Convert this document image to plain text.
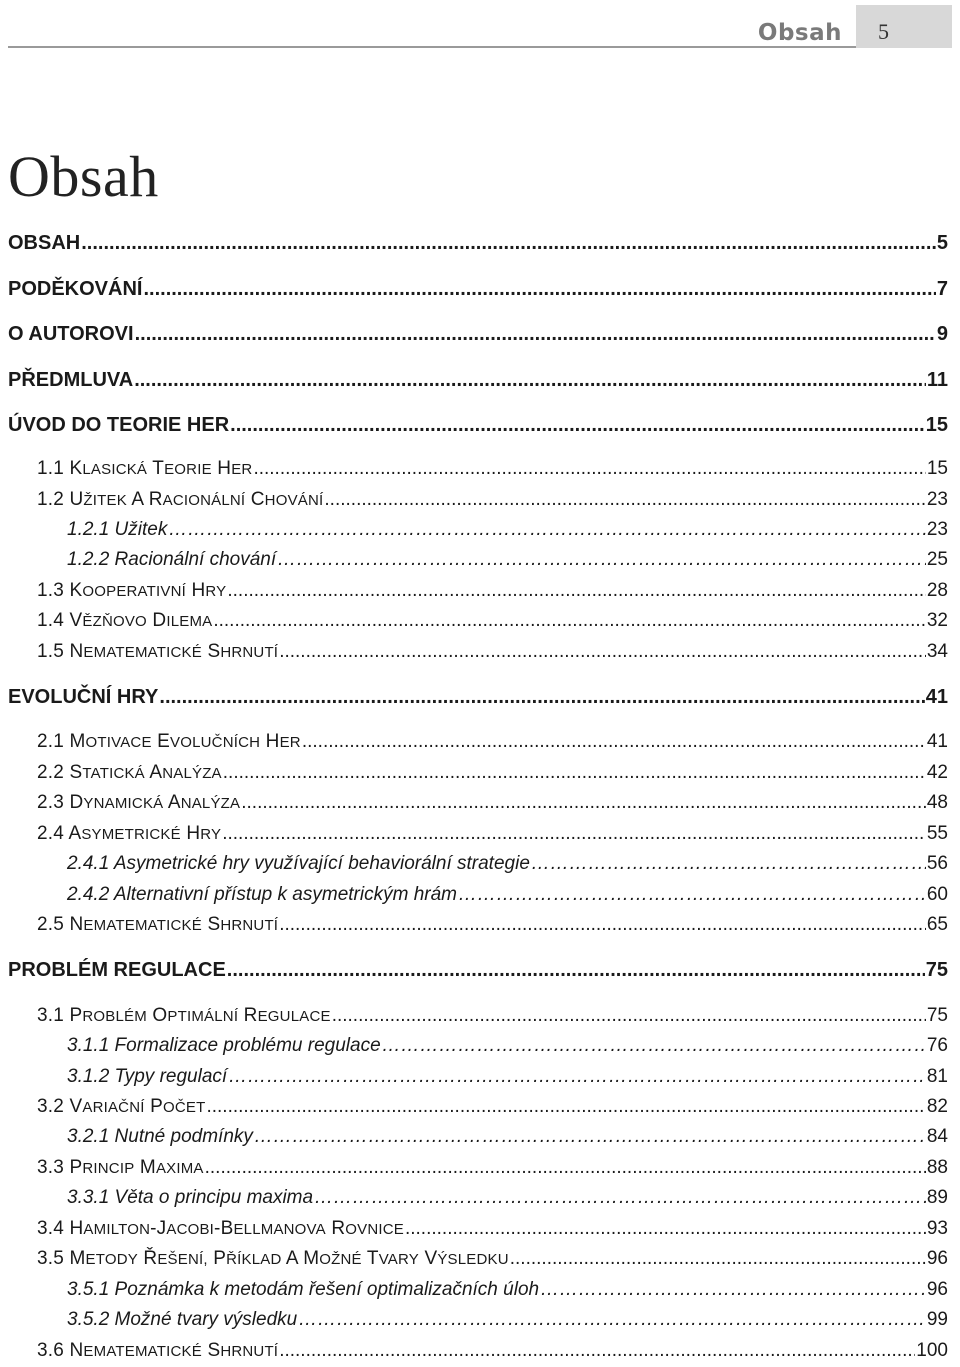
Obsah 5
Obsah
OBSAH .....	5
PODĚKOVÁNÍ .....	7
O AUTOROVI .....	9
PŘEDMLUVA .....	11
ÚVOD DO TEORIE HER .....	15
1.1 KLASICKÁ TEORIE HER .....	15
1.2 UŽITEK A RACIONÁLNÍ CHOVÁNÍ .....	23
1.2.1 Užitek …………………………………………………………………………………………………………………………………………………………………………………………………………………	23
1.2.2 Racionální chování …………………………………………………………………………………………………………………………………………………………………………………………………………………	25
1.3 KOOPERATIVNÍ HRY .....	28
1.4 VĚZŇOVO DILEMA .....	32
1.5 NEMATEMATICKÉ SHRNUTÍ .....	34
EVOLUČNÍ HRY .....	41
2.1 MOTIVACE EVOLUČNÍCH HER .....	41
2.2 STATICKÁ ANALÝZA .....	42
2.3 DYNAMICKÁ ANALÝZA .....	48
2.4 ASYMETRICKÉ HRY .....	55
2.4.1 Asymetrické hry využívající behaviorální strategie …………………………………………………………………………………………………………………………………………………………………………………………………………………	56
2.4.2 Alternativní přístup k asymetrickým hrám …………………………………………………………………………………………………………………………………………………………………………………………………………………	60
2.5 NEMATEMATICKÉ SHRNUTÍ .....	65
PROBLÉM REGULACE .....	75
3.1 PROBLÉM OPTIMÁLNÍ REGULACE .....	75
3.1.1 Formalizace problému regulace …………………………………………………………………………………………………………………………………………………………………………………………………………………	76
3.1.2 Typy regulací …………………………………………………………………………………………………………………………………………………………………………………………………………………	81
3.2 VARIAČNÍ POČET .....	82
3.2.1 Nutné podmínky …………………………………………………………………………………………………………………………………………………………………………………………………………………	84
3.3 PRINCIP MAXIMA .....	88
3.3.1 Věta o principu maxima …………………………………………………………………………………………………………………………………………………………………………………………………………………	89
3.4 HAMILTON-JACOBI-BELLMANOVA ROVNICE .....	93
3.5 METODY ŘEŠENÍ, PŘÍKLAD A MOŽNÉ TVARY VÝSLEDKU .....	96
3.5.1 Poznámka k metodám řešení optimalizačních úloh …………………………………………………………………………………………………………………………………………………………………………………………………………………	96
3.5.2 Možné tvary výsledku …………………………………………………………………………………………………………………………………………………………………………………………………………………	99
3.6 NEMATEMATICKÉ SHRNUTÍ .....	100
